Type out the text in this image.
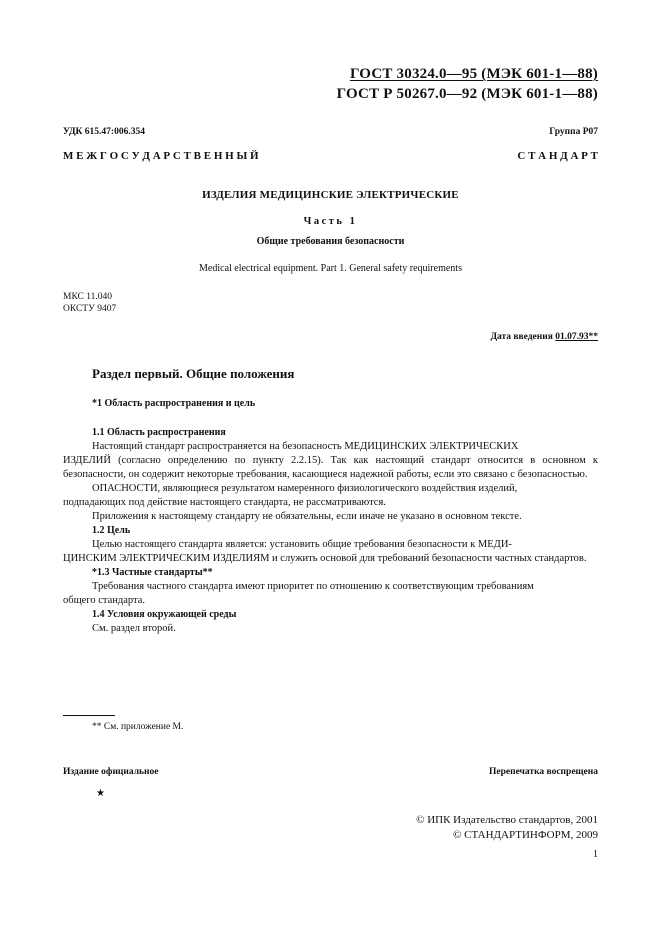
ГОСТ 30324.0—95 (МЭК 601-1—88)
ГОСТ Р 50267.0—92 (МЭК 601-1—88)
УДК 615.47:006.354	Группа Р07
М Е Ж Г О С У Д А Р С Т В Е Н Н Ы Й	С Т А Н Д А Р Т
ИЗДЕЛИЯ МЕДИЦИНСКИЕ ЭЛЕКТРИЧЕСКИЕ
Часть 1
Общие требования безопасности
Medical electrical equipment. Part 1. General safety requirements
МКС 11.040
ОКСТУ 9407
Дата введения 01.07.93**
Раздел первый. Общие положения
*1 Область распространения и цель
1.1 Область распространения
Настоящий стандарт распространяется на безопасность МЕДИЦИНСКИХ ЭЛЕКТРИЧЕСКИХ
ИЗДЕЛИЙ (согласно определению по пункту 2.2.15). Так как настоящий стандарт относится в основном к безопасности, он содержит некоторые требования, касающиеся надежной работы, если это связано с безопасностью.
ОПАСНОСТИ, являющиеся результатом намеренного физиологического воздействия изделий,
подпадающих под действие настоящего стандарта, не рассматриваются.
Приложения к настоящему стандарту не обязательны, если иначе не указано в основном тексте.
1.2 Цель
Целью настоящего стандарта является: установить общие требования безопасности к МЕДИ-
ЦИНСКИМ ЭЛЕКТРИЧЕСКИМ ИЗДЕЛИЯМ и служить основой для требований безопасности частных стандартов.
*1.3 Частные стандарты**
Требования частного стандарта имеют приоритет по отношению к соответствующим требованиям
общего стандарта.
1.4 Условия окружающей среды
См. раздел второй.
** См. приложение М.
Издание официальное	Перепечатка воспрещена
★
© ИПК Издательство стандартов, 2001
© СТАНДАРТИНФОРМ, 2009
1
